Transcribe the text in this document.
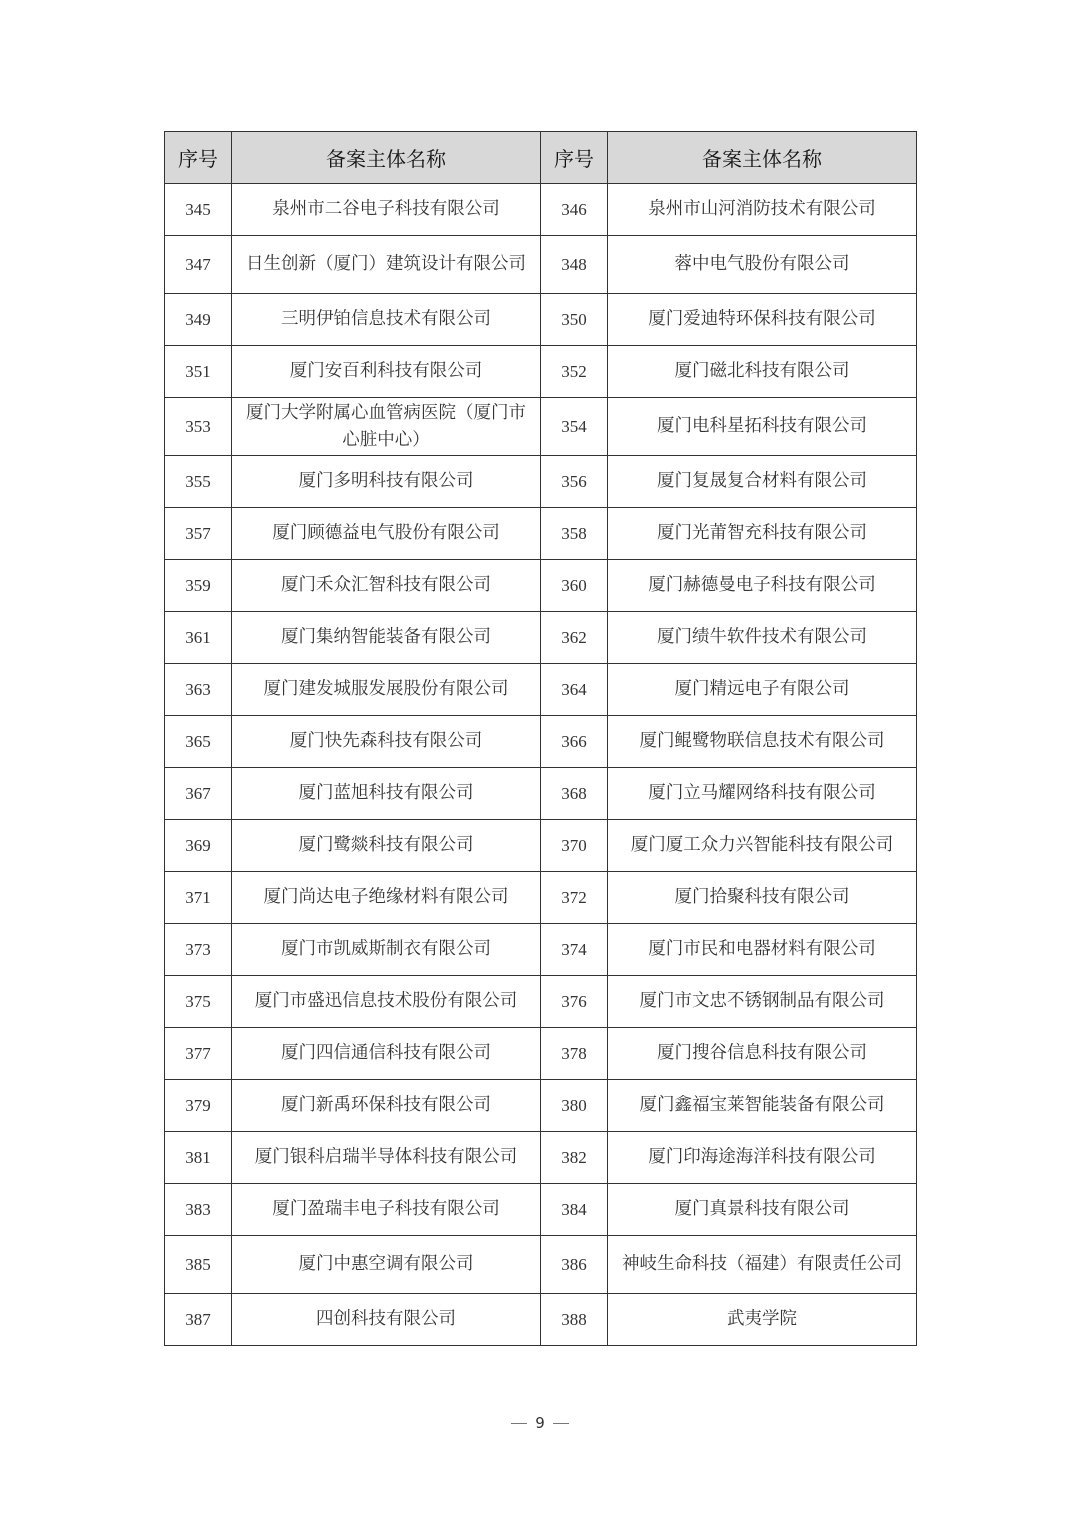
序号	备案主体名称	序号	备案主体名称
345	泉州市二谷电子科技有限公司	346	泉州市山河消防技术有限公司
347	日生创新（厦门）建筑设计有限公司	348	蓉中电气股份有限公司
349	三明伊铂信息技术有限公司	350	厦门爱迪特环保科技有限公司
351	厦门安百利科技有限公司	352	厦门磁北科技有限公司
353	厦门大学附属心血管病医院（厦门市心脏中心）	354	厦门电科星拓科技有限公司
355	厦门多明科技有限公司	356	厦门复晟复合材料有限公司
357	厦门顾德益电气股份有限公司	358	厦门光莆智充科技有限公司
359	厦门禾众汇智科技有限公司	360	厦门赫德曼电子科技有限公司
361	厦门集纳智能装备有限公司	362	厦门绩牛软件技术有限公司
363	厦门建发城服发展股份有限公司	364	厦门精远电子有限公司
365	厦门快先森科技有限公司	366	厦门鲲鹭物联信息技术有限公司
367	厦门蓝旭科技有限公司	368	厦门立马耀网络科技有限公司
369	厦门鹭燚科技有限公司	370	厦门厦工众力兴智能科技有限公司
371	厦门尚达电子绝缘材料有限公司	372	厦门拾聚科技有限公司
373	厦门市凯威斯制衣有限公司	374	厦门市民和电器材料有限公司
375	厦门市盛迅信息技术股份有限公司	376	厦门市文忠不锈钢制品有限公司
377	厦门四信通信科技有限公司	378	厦门搜谷信息科技有限公司
379	厦门新禹环保科技有限公司	380	厦门鑫福宝莱智能装备有限公司
381	厦门银科启瑞半导体科技有限公司	382	厦门印海途海洋科技有限公司
383	厦门盈瑞丰电子科技有限公司	384	厦门真景科技有限公司
385	厦门中惠空调有限公司	386	神岐生命科技（福建）有限责任公司
387	四创科技有限公司	388	武夷学院
9
